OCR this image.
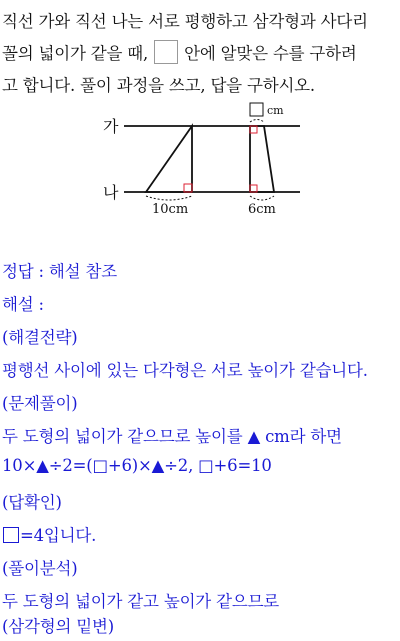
직선 가와 직선 나는 서로 평행하고 삼각형과 사다리
꼴의 넓이가 같을 때, 안에 알맞은 수를 구하려
고 합니다. 풀이 과정을 쓰고, 답을 구하시오.
가
나
10cm
cm
6cm
정답 : 해설 참조
해설 :
(해결전략)
평행선 사이에 있는 다각형은 서로 높이가 같습니다.
(문제풀이)
두 도형의 넓이가 같으므로 높이를 ▲ cm라 하면
10×▲÷2=(□+6)×▲÷2, □+6=10
(답확인)
=4입니다.
(풀이분석)
두 도형의 넓이가 같고 높이가 같으므로
(삼각형의 밑변)
